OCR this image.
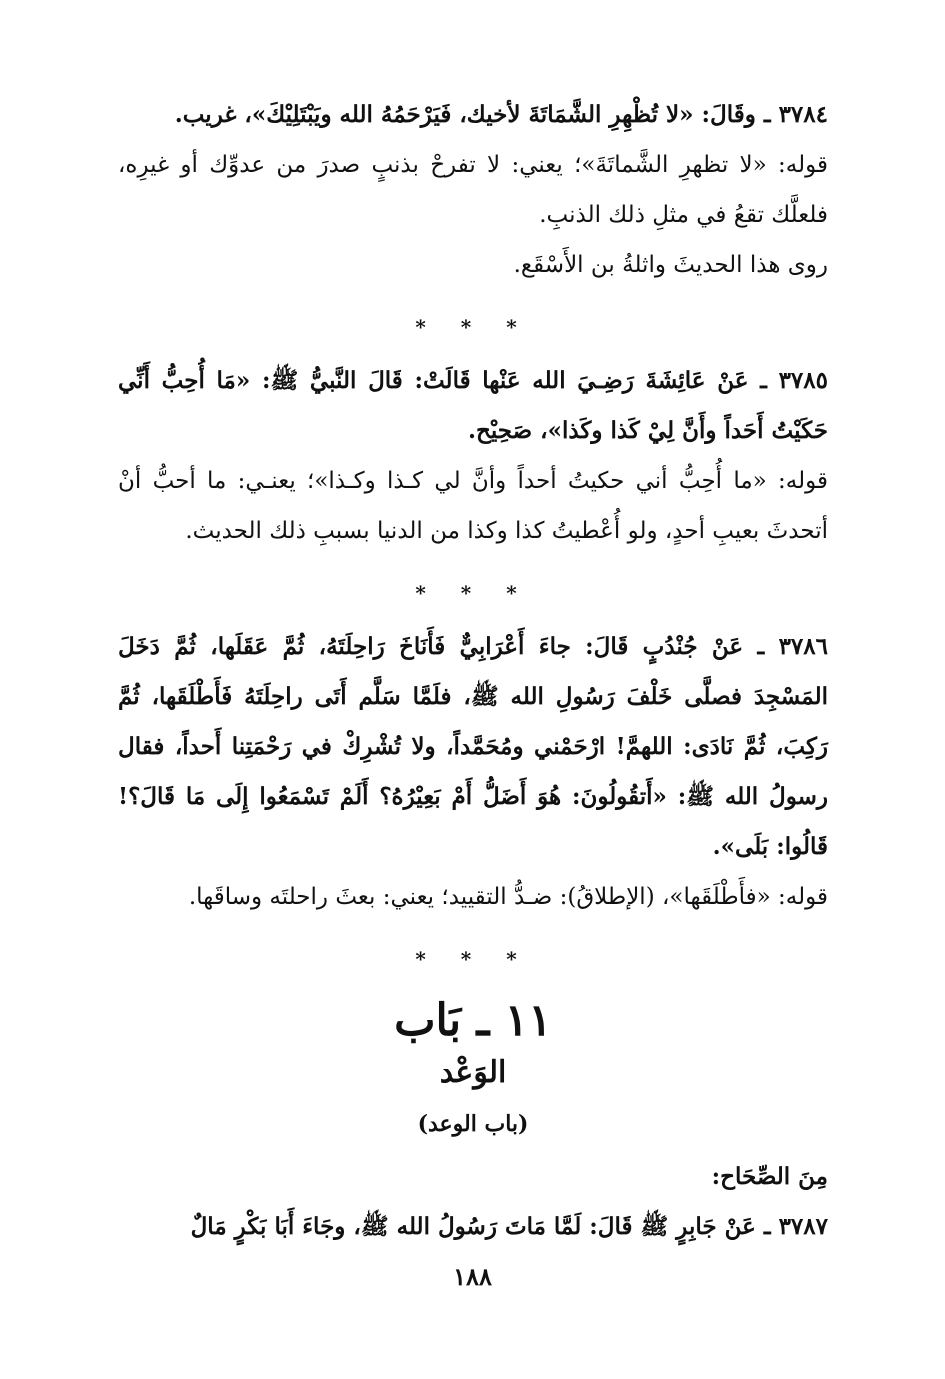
٣٧٨٤ ـ وقَالَ: «لا تُظْهِرِ الشَّمَاتَةَ لأخيك، فَيَرْحَمُهُ الله ويَبْتَلِيْكَ»، غريب.

قوله: «لا تظهرِ الشَّماتَةَ»؛ يعني: لا تفرحْ بذنبٍ صدرَ من عدوِّك أو غيرِه، فلعلَّك تقعُ في مثلِ ذلك الذنبِ.

روى هذا الحديثَ واثلةُ بن الأَسْقَع.

* * *

٣٧٨٥ ـ عَنْ عَائِشَةَ رَضِـيَ الله عَنْها قَالَتْ: قَالَ النَّبيُّ ﷺ: «مَا أُحِبُّ أَنِّي حَكَيْتُ أَحَداً وأَنَّ لِيْ كَذا وكَذا»، صَحِيْح.

قوله: «ما أُحِبُّ أني حكيتُ أحداً وأنَّ لي كـذا وكـذا»؛ يعنـي: ما أحبُّ أنْ أتحدثَ بعيبِ أحدٍ، ولو أُعْطيتُ كذا وكذا من الدنيا بسببِ ذلك الحديث.

* * *

٣٧٨٦ ـ عَنْ جُنْدُبٍ قَالَ: جاءَ أَعْرَابِيٌّ فَأَنَاخَ رَاحِلَتَهُ، ثُمَّ عَقَلَها، ثُمَّ دَخَلَ المَسْجِدَ فصلَّى خَلْفَ رَسُولِ الله ﷺ، فلَمَّا سَلَّم أَتَى راحِلَتَهُ فَأَطْلَقَها، ثُمَّ رَكِبَ، ثُمَّ نَادَى: اللهمَّ! ارْحَمْني ومُحَمَّداً، ولا تُشْرِكْ في رَحْمَتِنا أَحداً، فقال رسولُ الله ﷺ: «أَتقُولُونَ: هُوَ أَضَلُّ أَمْ بَعِيْرُهُ؟ أَلَمْ تَسْمَعُوا إِلَى مَا قَالَ؟! قَالُوا: بَلَى».

قوله: «فأَطْلَقَها»، (الإطلاقُ): ضـدُّ التقييد؛ يعني: بعثَ راحلتَه وساقَها.

* * *
١١ ـ بَاب
الوَعْد
(باب الوعد)

مِنَ الصِّحَاح:

٣٧٨٧ ـ عَنْ جَابِرٍ ﷺ قَالَ: لَمَّا مَاتَ رَسُولُ الله ﷺ، وجَاءَ أَبَا بَكْرٍ مَالٌ

١٨٨
